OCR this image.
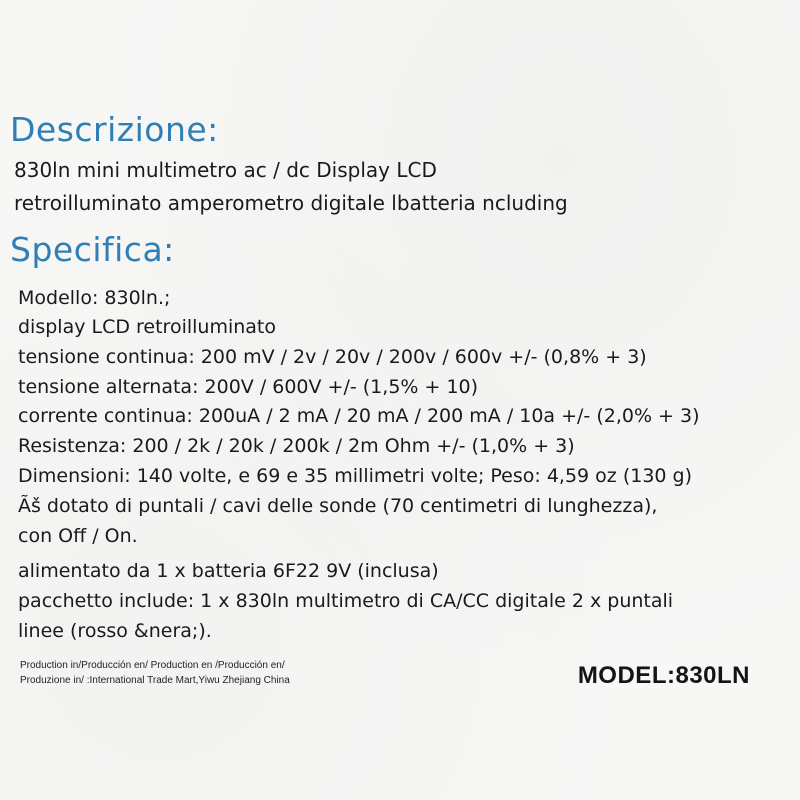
Descrizione:
830ln mini multimetro ac / dc Display LCD
retroilluminato amperometro digitale lbatteria ncluding
Specifica:
Modello: 830ln.;
display LCD retroilluminato
tensione continua: 200 mV / 2v / 20v / 200v / 600v +/- (0,8% + 3)
tensione alternata: 200V / 600V +/- (1,5% + 10)
corrente continua: 200uA / 2 mA / 20 mA / 200 mA / 10a +/- (2,0% + 3)
Resistenza: 200 / 2k / 20k / 200k / 2m Ohm +/- (1,0% + 3)
Dimensioni: 140 volte, e 69 e 35 millimetri volte; Peso: 4,59 oz (130 g)
Ãš dotato di puntali / cavi delle sonde (70 centimetri di lunghezza),
con Off / On.
alimentato da 1 x batteria 6F22 9V (inclusa)
pacchetto include: 1 x 830ln multimetro di CA/CC digitale 2 x puntali
linee (rosso &nera;).
Production in/Producción en/ Production en /Producción en/
Produzione in/ :International Trade Mart,Yiwu Zhejiang China	MODEL:830LN
